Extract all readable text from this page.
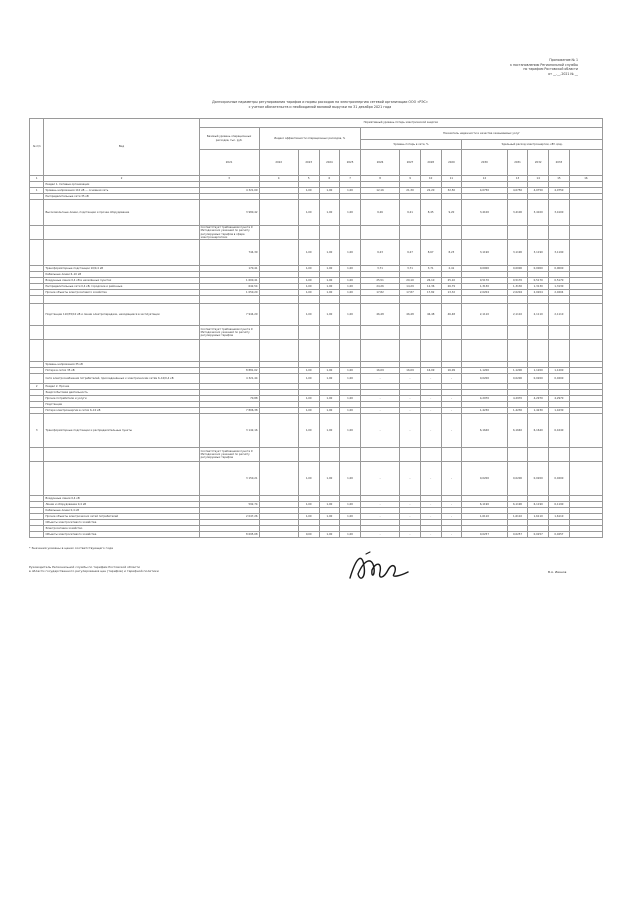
Приложение № 1
к постановлению Региональной службы
по тарифам Ростовской области
от __.__.2021 № __
Долгосрочные параметры регулирования тарифов и нормы расходов на электроэнергию сетевой организации ООО «РЭС»
с учетом обязательств и необходимой валовой выручки на 31 декабря 2021 года
№ п/п	Вид	Нормативный уровень потерь электрической энергии													
		Базовый уровень операционных расходов, тыс. руб.	Индекс эффективности операционных расходов, %				Показатель надежности и качества оказываемых услуг								
							Уровень потерь в сети, %				Удельный расход электроэнергии, кВт·ч/ед.				
		2021	2022	2023	2024	2025	2026	2027	2028	2029	2030	2031	2032	2033	
1	2	3	4	5	6	7	8	9	10	11	12	13	14	15	16
	Раздел 1. Сетевые организации														
1	Уровень напряжения 110 кВ — основная сеть	4 321,09		1,00	1,00	1,00	12,16	21,30	22,20	32,50	4,0750	4,0750	4,0750	4,0750	
	Распределительные сети 35 кВ														
	Высоковольтные линии, подстанции и прочее оборудование	3 980,42		1,00	1,00	1,00	9,26	9,21	8,45	9,20	3,4100	3,4100	3,4100	3,4100	
		Соответствует требованиям пункта 9 Методических указаний по расчёту регулируемых тарифов в сфере электроэнергетики													
		744,39		1,00	1,00	1,00	9,23	9,27	8,67	8,23	3,1190	3,1190	3,1190	3,1190	
	Трансформаторные подстанции 10/0,4 кВ	170,41		1,00	1,00	1,00	3,71	3,71	3,71	2,41	0,0000	0,0000	0,0000	0,0000	
	Кабельные линии 6–10 кВ														
	Воздушные линии 0,4 кВ в населённых пунктах	1 600,41		1,00	1,00	1,00	25,51	20,10	26,10	25,10	0,5170	0,5170	0,5170	0,5170	
	Распределительные сети 0,4 кВ, городские и районные	642,54		1,00	1,00	1,00	24,26	14,29	12,36	26,79	1,3130	1,3130	1,3130	1,3130	
	Прочие объекты электросетевого хозяйства	1 050,20		1,00	1,00	1,00	17,82	17,87	17,82	13,32	2,0204	2,0204	2,0204	2,0204	

	Подстанции 110/35/10 кВ и линии электропередачи, находящиеся в эксплуатации	7 944,29		1,00	1,00	1,00	46,48	46,48	46,48	46,48	2,1110	2,1110	2,1110	2,1110	
		Соответствует требованиям пункта 9 Методических указаний по расчёту регулируемых тарифов													

	Уровень напряжения 35 кВ														
	Потери в сетях 35 кВ	8 881,02		1,00	1,00	1,00	16,09	16,09	16,09	16,09	1,1200	1,1200	1,1200	1,1200	
	Сети электроснабжения потребителей, присоединённых к электрическим сетям 6–10/0,4 кВ	4 321,44		1,00	1,00	1,00	-	-	-	-	0,0200	0,0200	0,0200	0,0200	
2	Раздел 2. Прочие														
	Энергосбытовая деятельность														
	Прочие потребители и услуги	70,88		1,00	1,00	1,00	-	-	-	-	4,2970	4,2970	4,2970	4,2970	
	Подстанции														
	Потери электроэнергии в сетях 6–10 кВ	7 806,38		1,00	1,00	1,00	-	-	-	-	1,4230	1,4230	1,4230	1,4230	
3	Трансформаторные подстанции и распределительные пункты	3 142,16		1,00	1,00	1,00	-	-	-	-	6,1640	6,1640	6,1640	6,1640	
		Соответствует требованиям пункта 9 Методических указаний по расчёту регулируемых тарифов													
		3 150,21		1,00	1,00	1,00	-	-	-	-	0,0200	0,0200	0,0200	0,0200	
	Воздушные линии 0,4 кВ														
	Линии и оборудование 0,4 кВ	592,74		1,00	1,00	1,00	-	-	-	-	6,1190	6,1190	6,1190	6,1190	
	Кабельные линии 0,4 кВ														
	Прочие объекты электрических сетей потребителей	2 047,26		1,00	1,00	1,00	-	-	-	-	1,6110	1,6110	1,6110	1,6110	
	Объекты электросетевого хозяйства														
	Электросетевое хозяйство														
	Объекты электросетевого хозяйства	8 695,08		0,00	1,00	1,00	-	-	-	-	0,0257	0,0257	0,0257	0,0257	
* Значения указаны в ценах соответствующего года
Руководитель Региональной службы по тарифам Ростовской области
в области государственного регулирования цен (тарифов) и тарифной политики	В.А. Иванов
